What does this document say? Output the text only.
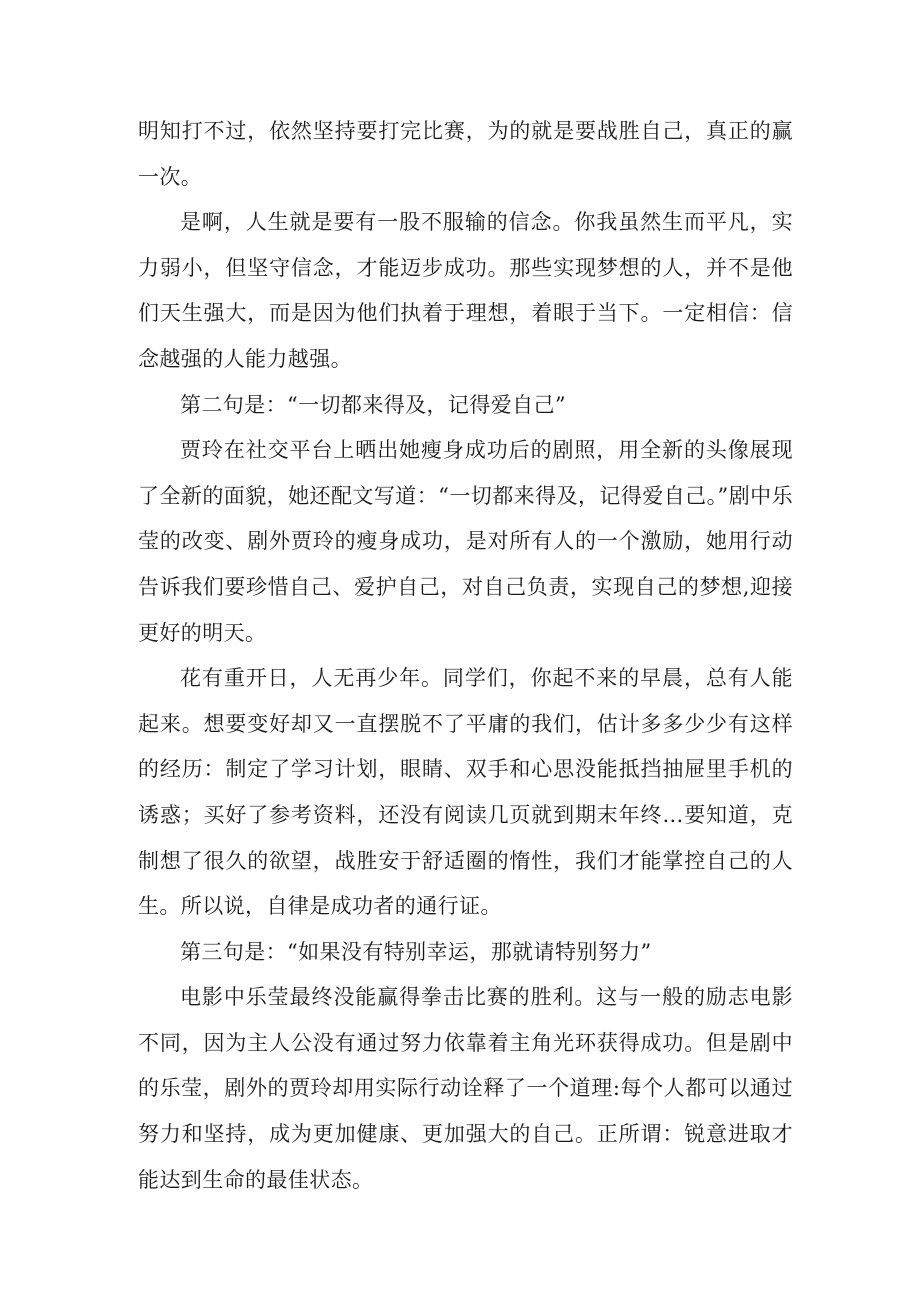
明知打不过，依然坚持要打完比赛，为的就是要战胜自己，真正的赢一次。

是啊，人生就是要有一股不服输的信念。你我虽然生而平凡，实力弱小，但坚守信念，才能迈步成功。那些实现梦想的人，并不是他们天生强大，而是因为他们执着于理想，着眼于当下。一定相信：信念越强的人能力越强。

第二句是：“一切都来得及，记得爱自己”

贾玲在社交平台上晒出她瘦身成功后的剧照，用全新的头像展现了全新的面貌，她还配文写道：“一切都来得及，记得爱自己。”剧中乐莹的改变、剧外贾玲的瘦身成功，是对所有人的一个激励，她用行动告诉我们要珍惜自己、爱护自己，对自己负责，实现自己的梦想,迎接更好的明天。

花有重开日，人无再少年。同学们，你起不来的早晨，总有人能起来。想要变好却又一直摆脱不了平庸的我们，估计多多少少有这样的经历：制定了学习计划，眼睛、双手和心思没能抵挡抽屉里手机的诱惑；买好了参考资料，还没有阅读几页就到期末年终…要知道，克制想了很久的欲望，战胜安于舒适圈的惰性，我们才能掌控自己的人生。所以说，自律是成功者的通行证。

第三句是：“如果没有特别幸运，那就请特别努力”

电影中乐莹最终没能赢得拳击比赛的胜利。这与一般的励志电影不同，因为主人公没有通过努力依靠着主角光环获得成功。但是剧中的乐莹，剧外的贾玲却用实际行动诠释了一个道理:每个人都可以通过努力和坚持，成为更加健康、更加强大的自己。正所谓：锐意进取才能达到生命的最佳状态。
